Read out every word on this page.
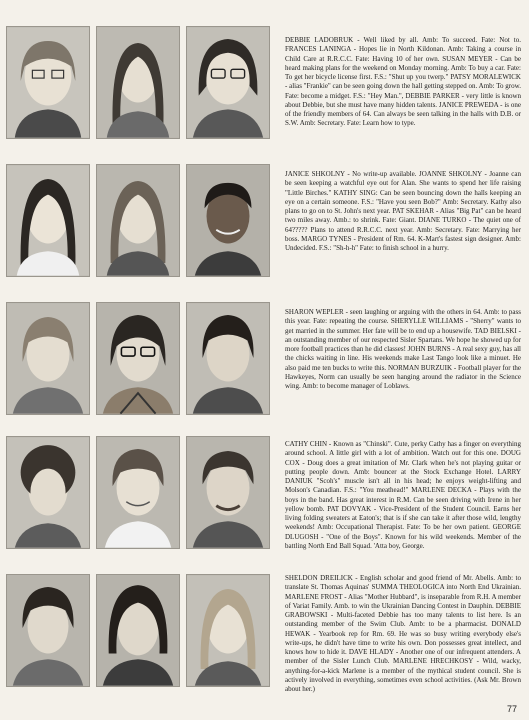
DEBBIE LADOBRUK - Well liked by all. Amb: To succeed. Fate: Not to. FRANCES LANINGA - Hopes lie in North Kildonan. Amb: Taking a course in Child Care at R.R.C.C. Fate: Having 10 of her own. SUSAN MEYER - Can be heard making plans for the weekend on Monday morning. Amb: To buy a car. Fate: To get her bicycle license first. F.S.: "Shut up you twerp." PATSY MORALEWICK - alias "Frankie" can be seen going down the hall getting stepped on. Amb: To grow. Fate: become a midget. F.S.: "Hey Man.", DEBBIE PARKER - very little is known about Debbie, but she must have many hidden talents. JANICE PREWEDA - is one of the friendly members of 64. Can always be seen talking in the halls with D.B. or S.W. Amb: Secretary. Fate: Learn how to type.

JANICE SHKOLNY - No write-up available. JOANNE SHKOLNY - Joanne can be seen keeping a watchful eye out for Alan. She wants to spend her life raising "Little Birches." KATHY SING: Can be seen bouncing down the halls keeping an eye on a certain someone. F.S.: "Have you seen Bob?" Amb: Secretary. Kathy also plans to go on to St. John's next year. PAT SKEHAR - Alias "Big Pat" can be heard two miles away. Amb.: to shrink. Fate: Giant. DIANE TURKO - The quiet one of 64????? Plans to attend R.R.C.C. next year. Amb: Secretary. Fate: Marrying her boss. MARGO TYNES - President of Rm. 64. K-Mart's fastest sign designer. Amb: Undecided. F.S.: "Sh-h-h" Fate: to finish school in a hurry.

SHARON WEPLER - seen laughing or arguing with the others in 64. Amb: to pass this year. Fate: repeating the course. SHERYLLE WILLIAMS - "Sherry" wants to get married in the summer. Her fate will be to end up a housewife. TAD BIELSKI - an outstanding member of our respected Sisler Spartans. We hope he showed up for more football practices than he did classes! JOHN BURNS - A real sexy guy, has all the chicks waiting in line. His weekends make Last Tango look like a minuet. He also paid me ten bucks to write this. NORMAN BURZUIK - Football player for the Hawkeyes, Norm can usually be seen hanging around the radiator in the Science wing. Amb: to become manager of Loblaws.

CATHY CHIN - Known as "Chinski". Cute, perky Cathy has a finger on everything around school. A little girl with a lot of ambition. Watch out for this one. DOUG COX - Doug does a great imitation of Mr. Clark when he's not playing guitar or putting people down. Amb: bouncer at the Stock Exchange Hotel. LARRY DANIUK "Scoh's" muscle isn't all in his head; he enjoys weight-lifting and Molson's Canadian. F.S.: "You meathead!" MARLENE DECKA - Plays with the boys in the band. Has great interest in R.M. Can be seen driving with Irene in her yellow bomb. PAT DOVYAK - Vice-President of the Student Council. Earns her living folding sweaters at Eaton's; that is if she can take it after those wild, lengthy weekends! Amb: Occupational Therapist. Fate: To be her own patient. GEORGE DLUGOSH - "One of the Boys". Known for his wild weekends. Member of the battling North End Ball Squad. 'Atta boy, George.

SHELDON DREILICK - English scholar and good friend of Mr. Abells. Amb: to translate St. Thomas Aquinas' SUMMA THEOLOGICA into North End Ukrainian. MARLENE FROST - Alias "Mother Hubbard", is inseparable from R.H. A member of Variat Family. Amb. to win the Ukrainian Dancing Contest in Dauphin. DEBBIE GRABOWSKI - Multi-faceted Debbie has too many talents to list here. Is an outstanding member of the Swim Club. Amb: to be a pharmacist. DONALD HEWAK - Yearbook rep for Rm. 69. He was so busy writing everybody else's write-ups, he didn't have time to write his own. Don possesses great intellect, and knows how to hide it. DAVE HLADY - Another one of our infrequent attenders. A member of the Sisler Lunch Club. MARLENE HRECHKOSY - Wild, wacky, anything-for-a-kick Marlene is a member of the mythical student council. She is actively involved in everything, sometimes even school activities. (Ask Mr. Brown about her.)

77
